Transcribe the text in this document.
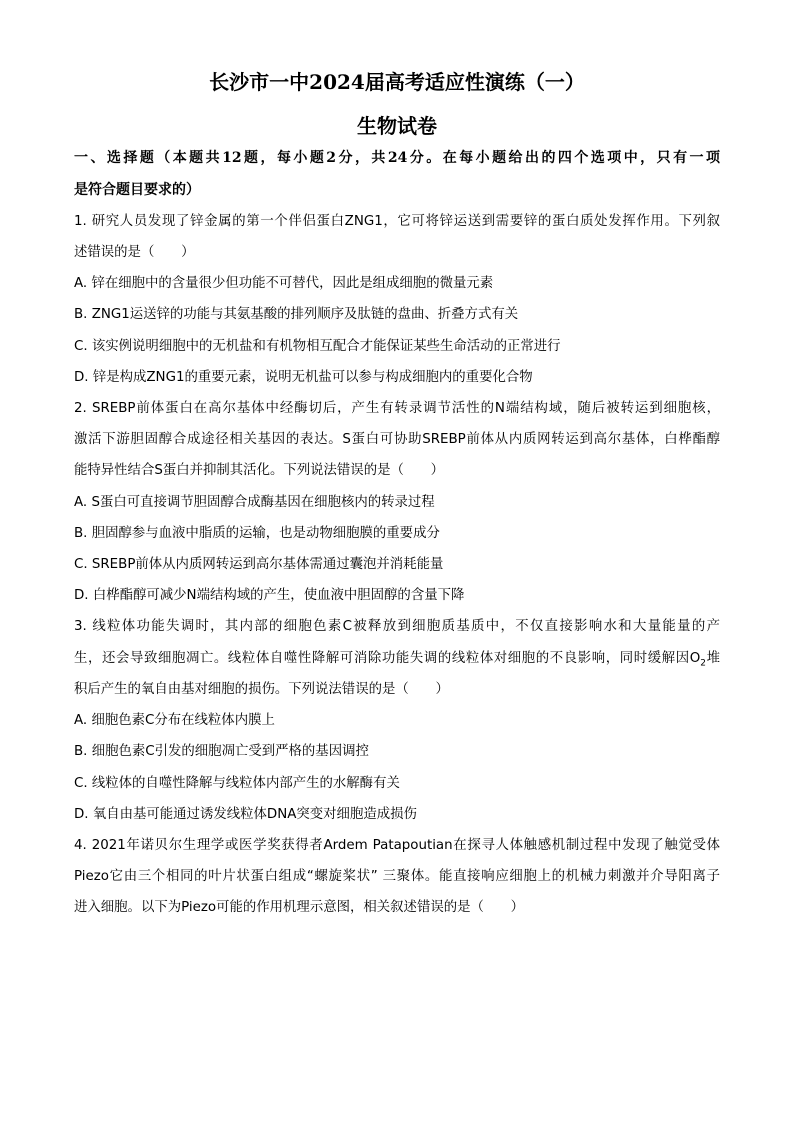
长沙市一中2024届高考适应性演练（一）
生物试卷
一、选择题（本题共12题，每小题2分，共24分。在每小题给出的四个选项中，只有一项
是符合题目要求的）
1. 研究人员发现了锌金属的第一个伴侣蛋白ZNG1，它可将锌运送到需要锌的蛋白质处发挥作用。下列叙
述错误的是（　　）
A. 锌在细胞中的含量很少但功能不可替代，因此是组成细胞的微量元素
B. ZNG1运送锌的功能与其氨基酸的排列顺序及肽链的盘曲、折叠方式有关
C. 该实例说明细胞中的无机盐和有机物相互配合才能保证某些生命活动的正常进行
D. 锌是构成ZNG1的重要元素，说明无机盐可以参与构成细胞内的重要化合物
2. SREBP前体蛋白在高尔基体中经酶切后，产生有转录调节活性的N端结构域，随后被转运到细胞核，
激活下游胆固醇合成途径相关基因的表达。S蛋白可协助SREBP前体从内质网转运到高尔基体，白桦酯醇
能特异性结合S蛋白并抑制其活化。下列说法错误的是（　　）
A. S蛋白可直接调节胆固醇合成酶基因在细胞核内的转录过程
B. 胆固醇参与血液中脂质的运输，也是动物细胞膜的重要成分
C. SREBP前体从内质网转运到高尔基体需通过囊泡并消耗能量
D. 白桦酯醇可减少N端结构域的产生，使血液中胆固醇的含量下降
3. 线粒体功能失调时，其内部的细胞色素C被释放到细胞质基质中，不仅直接影响水和大量能量的产
生，还会导致细胞凋亡。线粒体自噬性降解可消除功能失调的线粒体对细胞的不良影响，同时缓解因$O_2$堆
积后产生的氧自由基对细胞的损伤。下列说法错误的是（　　）
A. 细胞色素C分布在线粒体内膜上
B. 细胞色素C引发的细胞凋亡受到严格的基因调控
C. 线粒体的自噬性降解与线粒体内部产生的水解酶有关
D. 氧自由基可能通过诱发线粒体DNA突变对细胞造成损伤
4. 2021年诺贝尔生理学或医学奖获得者Ardem Patapoutian在探寻人体触感机制过程中发现了触觉受体
Piezo它由三个相同的叶片状蛋白组成“螺旋桨状” 三聚体。能直接响应细胞上的机械力刺激并介导阳离子
进入细胞。以下为Piezo可能的作用机理示意图，相关叙述错误的是（　　）
